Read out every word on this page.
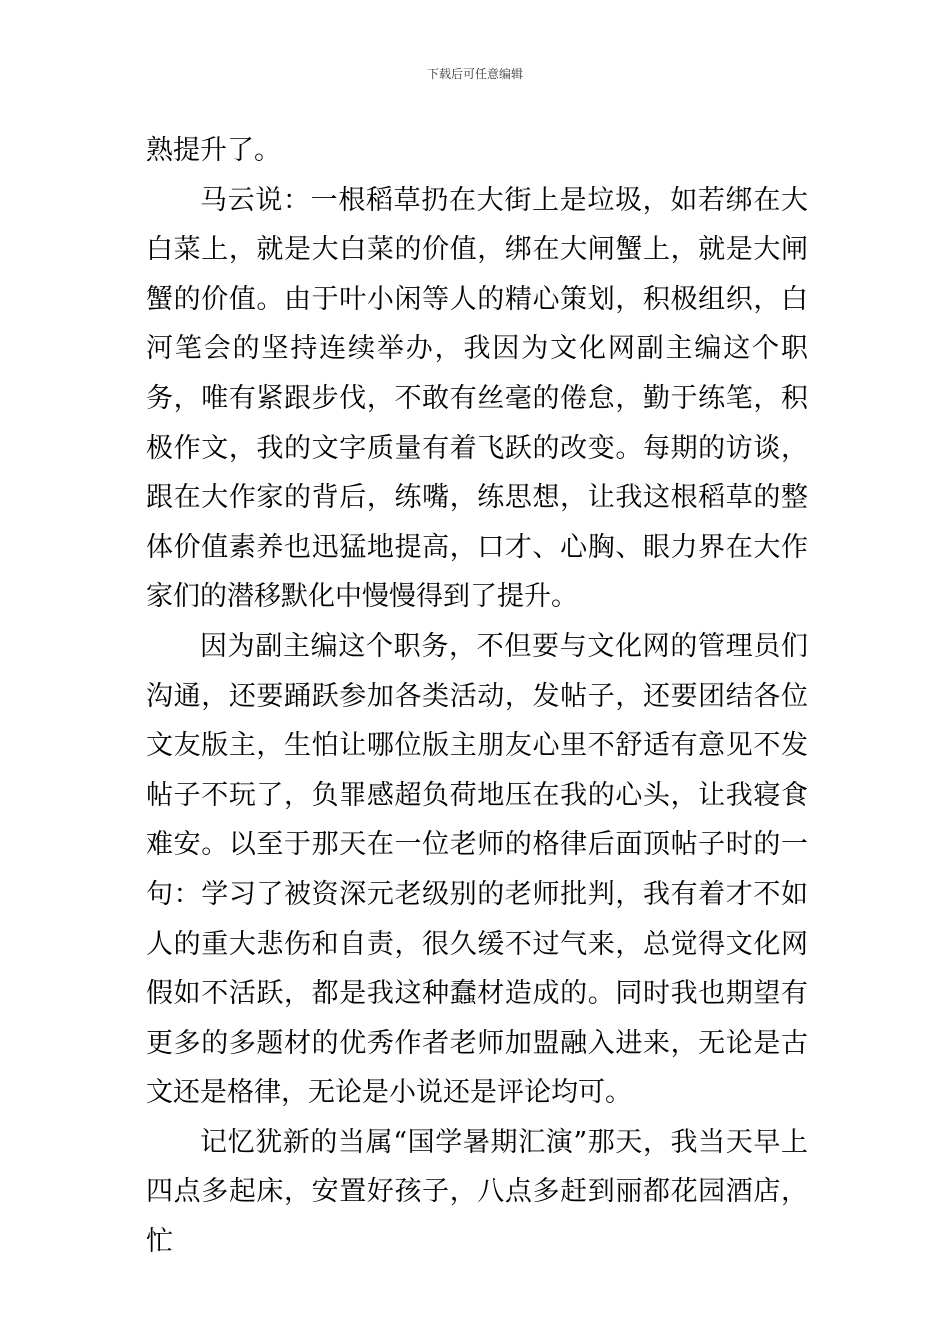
下载后可任意编辑

熟提升了。

马云说：一根稻草扔在大街上是垃圾，如若绑在大白菜上，就是大白菜的价值，绑在大闸蟹上，就是大闸蟹的价值。由于叶小闲等人的精心策划，积极组织，白河笔会的坚持连续举办，我因为文化网副主编这个职务，唯有紧跟步伐，不敢有丝毫的倦怠，勤于练笔，积极作文，我的文字质量有着飞跃的改变。每期的访谈，跟在大作家的背后，练嘴，练思想，让我这根稻草的整体价值素养也迅猛地提高，口才、心胸、眼力界在大作家们的潜移默化中慢慢得到了提升。

因为副主编这个职务，不但要与文化网的管理员们沟通，还要踊跃参加各类活动，发帖子，还要团结各位文友版主，生怕让哪位版主朋友心里不舒适有意见不发帖子不玩了，负罪感超负荷地压在我的心头，让我寝食难安。以至于那天在一位老师的格律后面顶帖子时的一句：学习了被资深元老级别的老师批判，我有着才不如人的重大悲伤和自责，很久缓不过气来，总觉得文化网假如不活跃，都是我这种蠢材造成的。同时我也期望有更多的多题材的优秀作者老师加盟融入进来，无论是古文还是格律，无论是小说还是评论均可。

记忆犹新的当属“国学暑期汇演”那天，我当天早上四点多起床，安置好孩子，八点多赶到丽都花园酒店，忙
